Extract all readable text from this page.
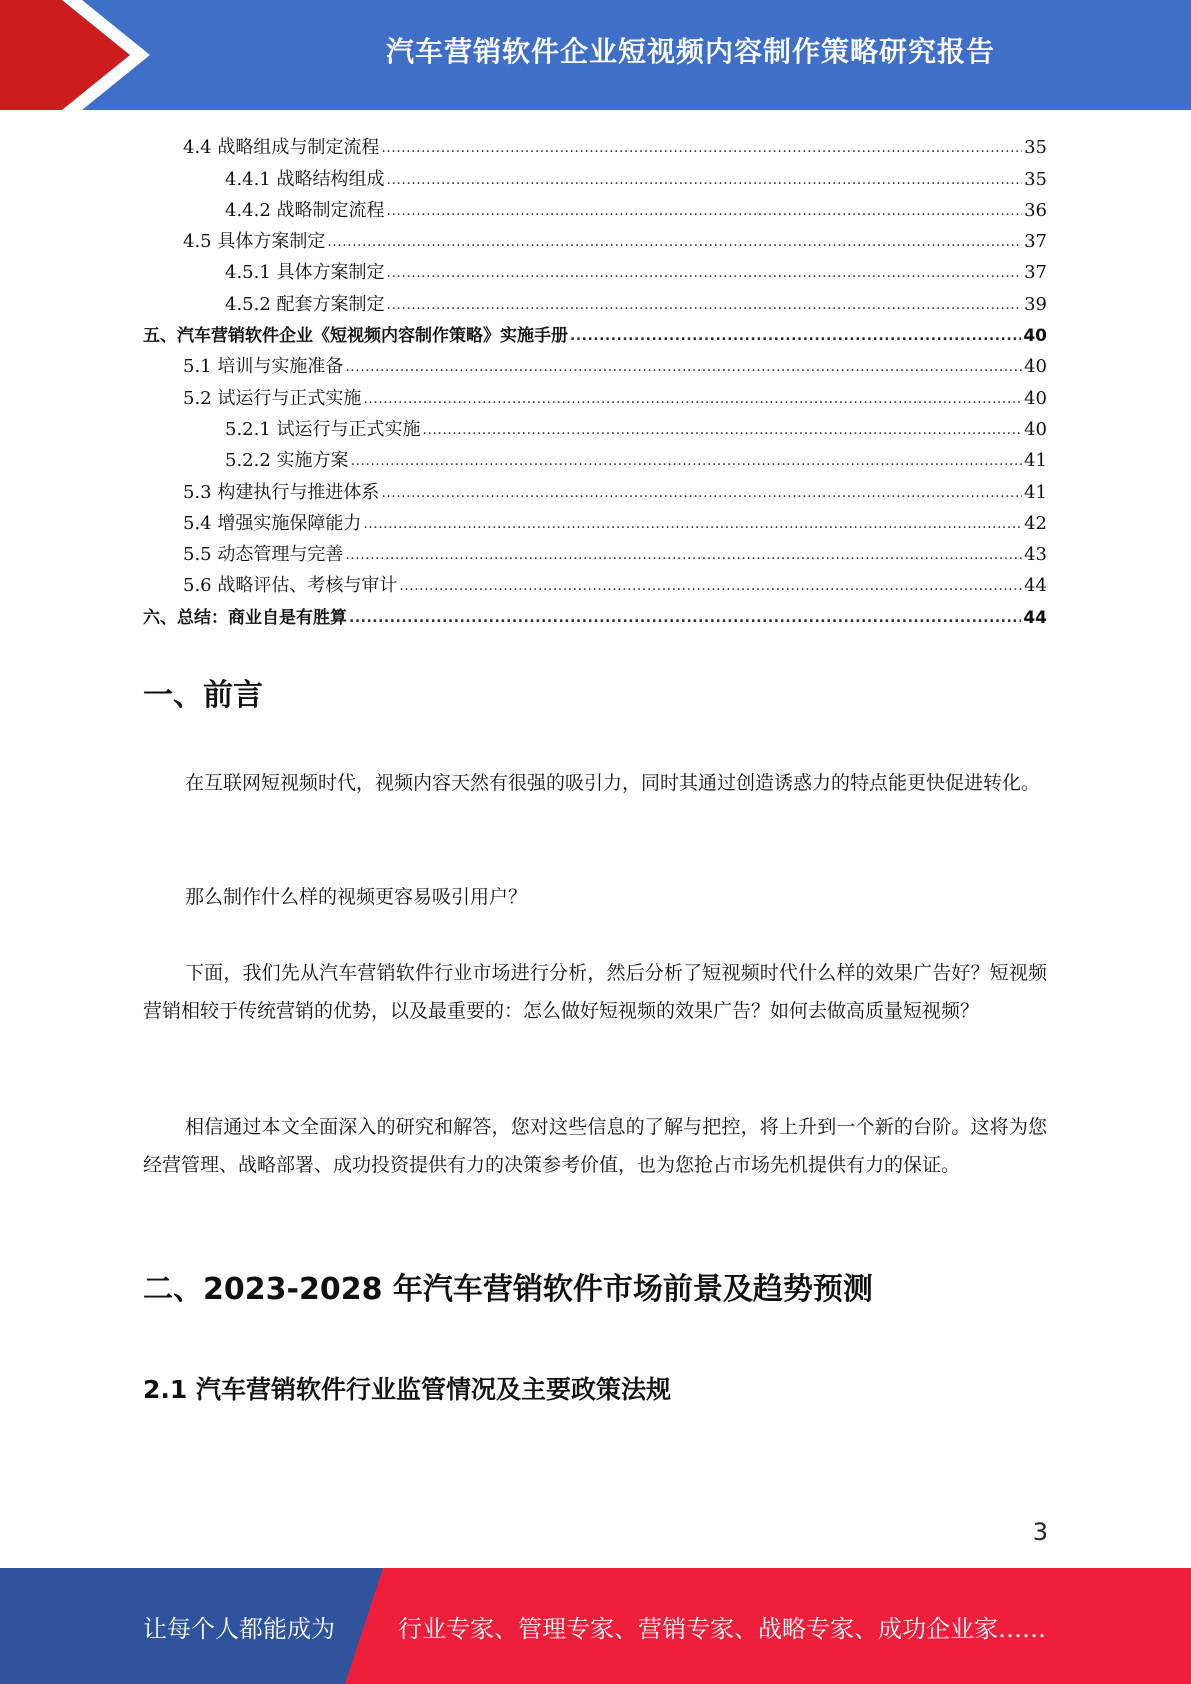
汽车营销软件企业短视频内容制作策略研究报告
4.4 战略组成与制定流程 .....	35
4.4.1 战略结构组成 .....	35
4.4.2 战略制定流程 .....	36
4.5 具体方案制定 .....	37
4.5.1 具体方案制定 .....	37
4.5.2 配套方案制定 .....	39
五、汽车营销软件企业《短视频内容制作策略》实施手册 .....	40
5.1 培训与实施准备 .....	40
5.2 试运行与正式实施 .....	40
5.2.1 试运行与正式实施 .....	40
5.2.2 实施方案 .....	41
5.3 构建执行与推进体系 .....	41
5.4 增强实施保障能力 .....	42
5.5 动态管理与完善 .....	43
5.6 战略评估、考核与审计 .....	44
六、总结：商业自是有胜算 .....	44
一、前言

在互联网短视频时代，视频内容天然有很强的吸引力，同时其通过创造诱惑力的特点能更快促进转化。

那么制作什么样的视频更容易吸引用户？

下面，我们先从汽车营销软件行业市场进行分析，然后分析了短视频时代什么样的效果广告好？短视频营销相较于传统营销的优势，以及最重要的：怎么做好短视频的效果广告？如何去做高质量短视频？

相信通过本文全面深入的研究和解答，您对这些信息的了解与把控，将上升到一个新的台阶。这将为您经营管理、战略部署、成功投资提供有力的决策参考价值，也为您抢占市场先机提供有力的保证。

二、2023-2028 年汽车营销软件市场前景及趋势预测
2.1 汽车营销软件行业监管情况及主要政策法规
3
让每个人都能成为	行业专家、管理专家、营销专家、战略专家、成功企业家……
